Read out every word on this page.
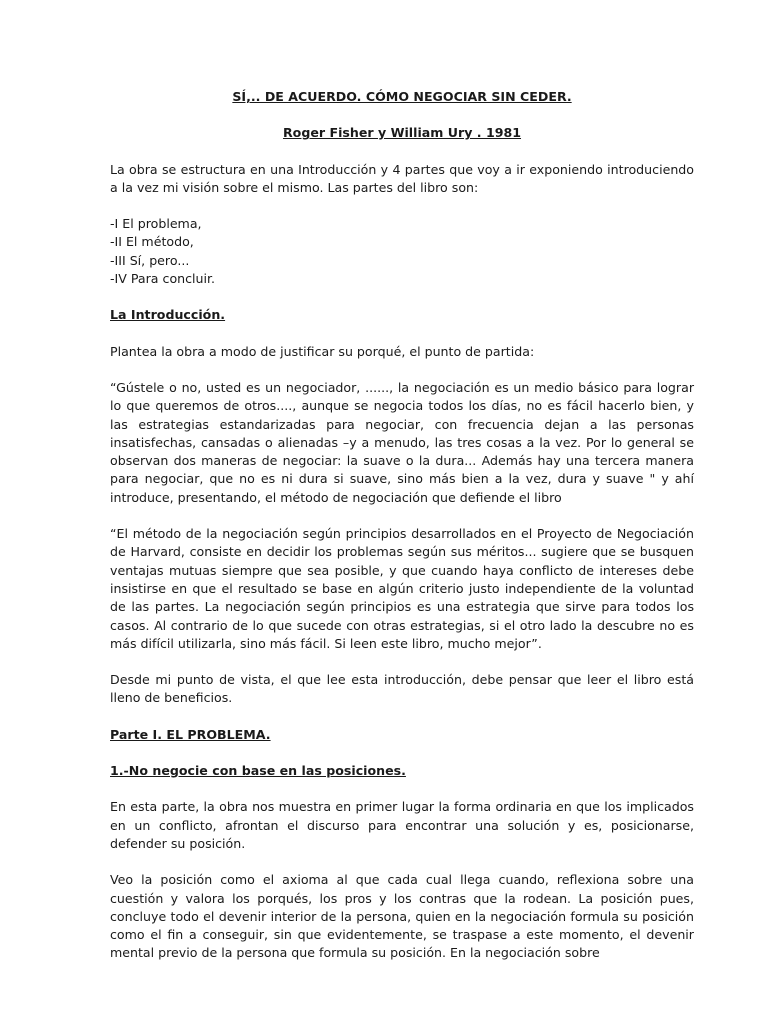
SÍ,.. DE ACUERDO. CÓMO NEGOCIAR SIN CEDER.
Roger Fisher y William Ury . 1981

La obra se estructura en una Introducción y 4 partes que voy a ir exponiendo introduciendo a la vez mi visión sobre el mismo. Las partes del libro son:

-I El problema,
-II El método,
-III Sí, pero...
-IV Para concluir.
La Introducción.

Plantea la obra a modo de justificar su porqué, el punto de partida:

“Gústele o no, usted es un negociador, ......, la negociación es un medio básico para lograr lo que queremos de otros...., aunque se negocia todos los días, no es fácil hacerlo bien, y las estrategias estandarizadas para negociar, con frecuencia dejan a las personas insatisfechas, cansadas o alienadas –y a menudo, las tres cosas a la vez. Por lo general se observan dos maneras de negociar: la suave o la dura... Además hay una tercera manera para negociar, que no es ni dura si suave, sino más bien a la vez, dura y suave " y ahí introduce, presentando, el método de negociación que defiende el libro

“El método de la negociación según principios desarrollados en el Proyecto de Negociación de Harvard, consiste en decidir los problemas según sus méritos... sugiere que se busquen ventajas mutuas siempre que sea posible, y que cuando haya conflicto de intereses debe insistirse en que el resultado se base en algún criterio justo independiente de la voluntad de las partes. La negociación según principios es una estrategia que sirve para todos los casos. Al contrario de lo que sucede con otras estrategias, si el otro lado la descubre no es más difícil utilizarla, sino más fácil. Si leen este libro, mucho mejor”.

Desde mi punto de vista, el que lee esta introducción, debe pensar que leer el libro está lleno de beneficios.

Parte I. EL PROBLEMA.
1.-No negocie con base en las posiciones.

En esta parte, la obra nos muestra en primer lugar la forma ordinaria en que los implicados en un conflicto, afrontan el discurso para encontrar una solución y es, posicionarse, defender su posición.

Veo la posición como el axioma al que cada cual llega cuando, reflexiona sobre una cuestión y valora los porqués, los pros y los contras que la rodean. La posición pues, concluye todo el devenir interior de la persona, quien en la negociación formula su posición como el fin a conseguir, sin que evidentemente, se traspase a este momento, el devenir mental previo de la persona que formula su posición. En la negociación sobre
